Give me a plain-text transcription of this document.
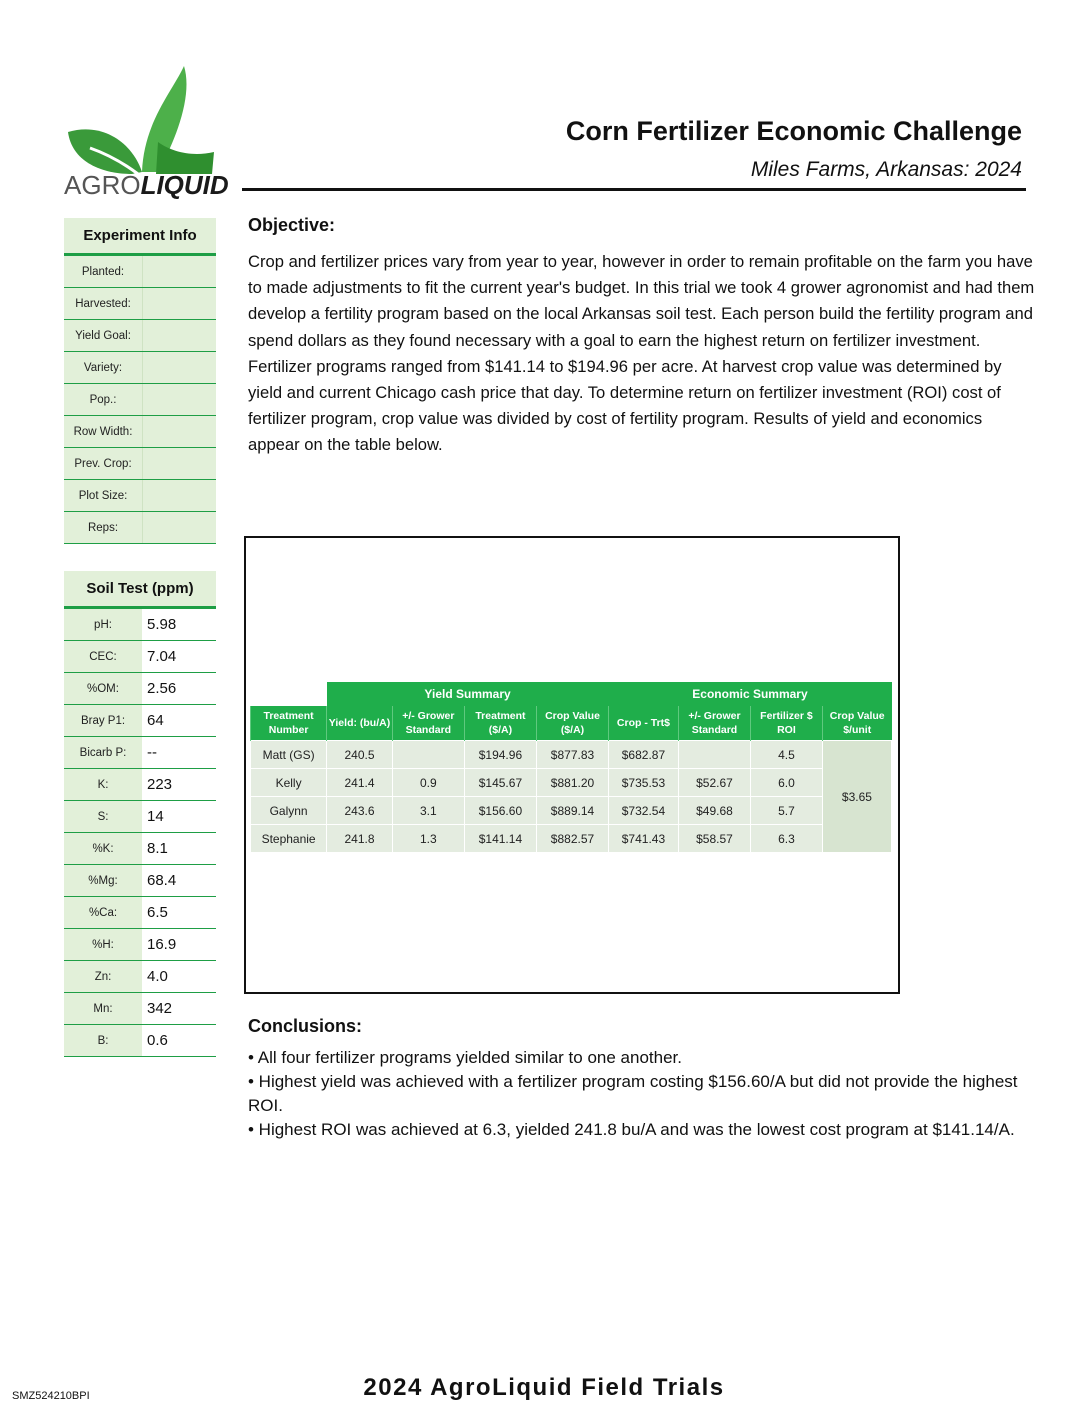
AGROLIQUID
Corn Fertilizer Economic Challenge
Miles Farms, Arkansas: 2024
Experiment Info
Planted:
Harvested:
Yield Goal:
Variety:
Pop.:
Row Width:
Prev. Crop:
Plot Size:
Reps:
Soil Test (ppm)
pH:	5.98
CEC:	7.04
%OM:	2.56
Bray P1:	64
Bicarb P:	--
K:	223
S:	14
%K:	8.1
%Mg:	68.4
%Ca:	6.5
%H:	16.9
Zn:	4.0
Mn:	342
B:	0.6
Objective:
Crop and fertilizer prices vary from year to year, however in order to remain profitable on the farm you have to made adjustments to fit the current year's budget. In this trial we took 4 grower agronomist and had them develop a fertility program based on the local Arkansas soil test. Each person build the fertility program and spend dollars as they found necessary with a goal to earn the highest return on fertilizer investment.
Fertilizer programs ranged from $141.14 to $194.96 per acre. At harvest crop value was determined by yield and current Chicago cash price that day. To determine return on fertilizer investment (ROI) cost of fertilizer program, crop value was divided by cost of fertility program. Results of yield and economics appear on the table below.
	Yield Summary				Economic Summary			
Treatment Number	Yield: (bu/A)	+/- Grower Standard	Treatment ($/A)	Crop Value ($/A)	Crop - Trt$	+/- Grower Standard	Fertilizer $ ROI	Crop Value $/unit
Matt (GS)	240.5		$194.96	$877.83	$682.87		4.5	$3.65
Kelly	241.4	0.9	$145.67	$881.20	$735.53	$52.67	6.0	
Galynn	243.6	3.1	$156.60	$889.14	$732.54	$49.68	5.7	
Stephanie	241.8	1.3	$141.14	$882.57	$741.43	$58.57	6.3	
Conclusions:
• All four fertilizer programs yielded similar to one another.
• Highest yield was achieved with a fertilizer program costing $156.60/A but did not provide the highest ROI.
• Highest ROI was achieved at 6.3, yielded 241.8 bu/A and was the lowest cost program at $141.14/A.
2024 AgroLiquid Field Trials
SMZ524210BPI
